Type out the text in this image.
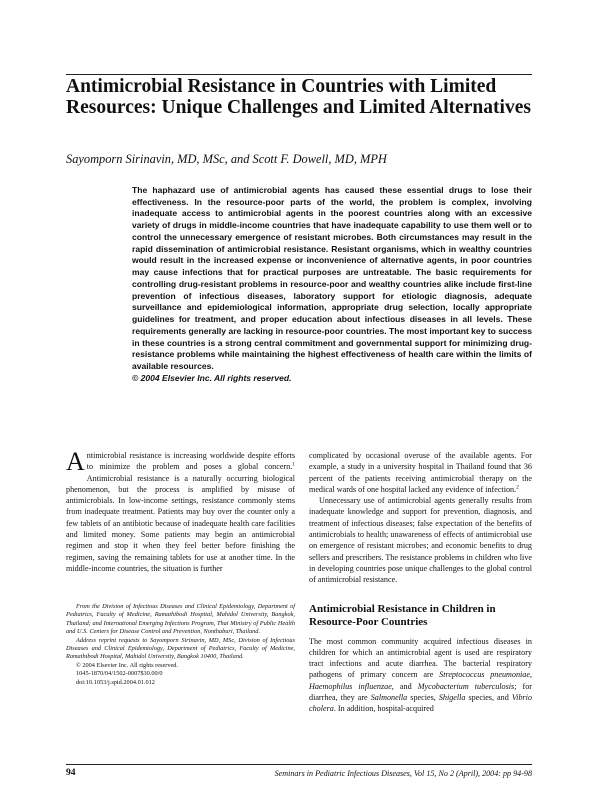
Antimicrobial Resistance in Countries with Limited Resources: Unique Challenges and Limited Alternatives
Sayomporn Sirinavin, MD, MSc, and Scott F. Dowell, MD, MPH
The haphazard use of antimicrobial agents has caused these essential drugs to lose their effectiveness. In the resource-poor parts of the world, the problem is complex, involving inadequate access to antimicrobial agents in the poorest countries along with an excessive variety of drugs in middle-income countries that have inadequate capability to use them well or to control the unnecessary emergence of resistant microbes. Both circumstances may result in the rapid dissemination of antimicrobial resistance. Resistant organisms, which in wealthy countries would result in the increased expense or inconvenience of alternative agents, in poor countries may cause infections that for practical purposes are untreatable. The basic requirements for controlling drug-resistant problems in resource-poor and wealthy countries alike include first-line prevention of infectious diseases, laboratory support for etiologic diagnosis, adequate surveillance and epidemiological information, appropriate drug selection, locally appropriate guidelines for treatment, and proper education about infectious diseases in all levels. These requirements generally are lacking in resource-poor countries. The most important key to success in these countries is a strong central commitment and governmental support for minimizing drug-resistance problems while maintaining the highest effectiveness of health care within the limits of available resources.
© 2004 Elsevier Inc. All rights reserved.

Antimicrobial resistance is increasing worldwide despite efforts to minimize the problem and poses a global concern.$^1$ Antimicrobial resistance is a naturally occurring biological phenomenon, but the process is amplified by misuse of antimicrobials. In low-income settings, resistance commonly stems from inadequate treatment. Patients may buy over the counter only a few tablets of an antibiotic because of inadequate health care facilities and limited money. Some patients may begin an antimicrobial regimen and stop it when they feel better before finishing the regimen, saving the remaining tablets for use at another time. In the middle-income countries, the situation is further

complicated by occasional overuse of the available agents. For example, a study in a university hospital in Thailand found that 36 percent of the patients receiving antimicrobial therapy on the medical wards of one hospital lacked any evidence of infection.$^2$

Unnecessary use of antimicrobial agents generally results from inadequate knowledge and support for prevention, diagnosis, and treatment of infectious diseases; false expectation of the benefits of antimicrobials to health; unawareness of effects of antimicrobial use on emergence of resistant microbes; and economic benefits to drug sellers and prescribers. The resistance problems in children who live in developing countries pose unique challenges to the global control of antimicrobial resistance.

Antimicrobial Resistance in Children in Resource-Poor Countries

The most common community acquired infectious diseases in children for which an antimicrobial agent is used are respiratory tract infections and acute diarrhea. The bacterial respiratory pathogens of primary concern are Streptococcus pneumoniae, Haemophilus influenzae, and Mycobacterium tuberculosis; for diarrhea, they are Salmonella species, Shigella species, and Vibrio cholera. In addition, hospital-acquired

From the Division of Infectious Diseases and Clinical Epidemiology, Department of Pediatrics, Faculty of Medicine, Ramathibodi Hospital, Mahidol University, Bangkok, Thailand; and International Emerging Infections Program, Thai Ministry of Public Health and U.S. Centers for Disease Control and Prevention, Nonthaburi, Thailand.

Address reprint requests to Sayomporn Sirinavin, MD, MSc, Division of Infectious Diseases and Clinical Epidemiology, Department of Pediatrics, Faculty of Medicine, Ramathibodi Hospital, Mahidol University, Bangkok 10400, Thailand.

© 2004 Elsevier Inc. All rights reserved.

1045-1870/04/1502-0007$30.00/0

doi:10.1053/j.spid.2004.01.012

94	Seminars in Pediatric Infectious Diseases, Vol 15, No 2 (April), 2004: pp 94-98
